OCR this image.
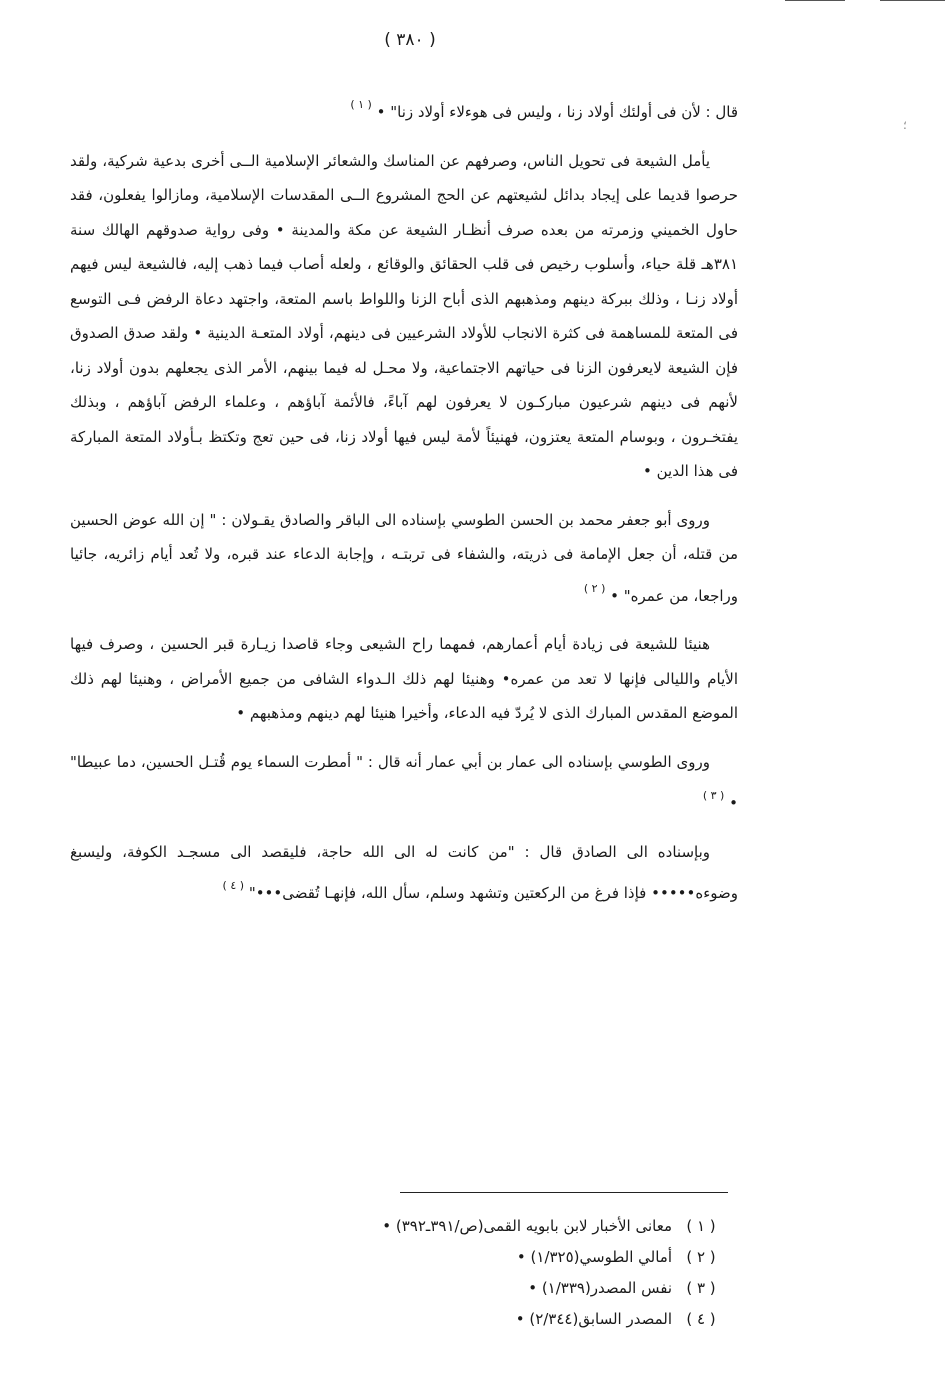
( ٣٨٠ )
؛

قال : لأن فى أولئك أولاد زنا ، وليس فى هوءلاء أولاد زنا" • $^{( ١ )}$

يأمل الشيعة فى تحويل الناس، وصرفهم عن المناسك والشعائر الإسلامية الــى أخرى بدعية شركية، ولقد حرصوا قديما على إيجاد بدائل لشيعتهم عن الحج المشروع الــى المقدسات الإسلامية، ومازالوا يفعلون، فقد حاول الخميني وزمرته من بعده صرف أنظـار الشيعة عن مكة والمدينة • وفى رواية صدوقهم الهالك سنة ٣٨١هـ قلة حياء، وأسلوب رخيص فى قلب الحقائق والوقائع ، ولعله أصاب فيما ذهب إليه، فالشيعة ليس فيهم أولاد زنـا ، وذلك ببركة دينهم ومذهبهم الذى أباح الزنا واللواط باسم المتعة، واجتهد دعاة الرفض فـى التوسع فى المتعة للمساهمة فى كثرة الانجاب للأولاد الشرعيين فى دينهم، أولاد المتعـة الدينية • ولقد صدق الصدوق فإن الشيعة لايعرفون الزنا فى حياتهم الاجتماعية، ولا محـل له فيما بينهم، الأمر الذى يجعلهم بدون أولاد زنا، لأنهم فى دينهم شرعيون مباركـون لا يعرفون لهم آباءً، فالأئمة آباؤهم ، وعلماء الرفض آباؤهم ، وبذلك يفتخـرون ، وبوسام المتعة يعتزون، فهنيئاً لأمة ليس فيها أولاد زنا، فى حين تعج وتكتظ بـأولاد المتعة المباركة فى هذا الدين •

وروى أبو جعفر محمد بن الحسن الطوسي بإسناده الى الباقر والصادق يقـولان : " إن الله عوض الحسين من قتله، أن جعل الإمامة فى ذريته، والشفاء فى تربتـه ، وإجابة الدعاء عند قبره، ولا تُعد أيام زائريه، جائيا وراجعا، من عمره" • $^{( ٢ )}$

هنيئا للشيعة فى زيادة أيام أعمارهم، فمهما راح الشيعى وجاء قاصدا زيـارة قبر الحسين ، وصرف فيها الأيام والليالى فإنها لا تعد من عمره• وهنيئا لهم ذلك الـدواء الشافى من جميع الأمراض ، وهنيئا لهم ذلك الموضع المقدس المبارك الذى لا يُردّ فيه الدعاء، وأخيرا هنيئا لهم دينهم ومذهبهم •

وروى الطوسي بإسناده الى عمار بن أبي عمار أنه قال : " أمطرت السماء يوم قُتـل الحسين، دما عبيطا" • $^{( ٣ )}$

وبإسناده الى الصادق قال : "من كانت له الى الله حاجة، فليقصد الى مسجـد الكوفة، وليسبغ وضوءه••••• فإذا فرغ من الركعتين وتشهد وسلم، سأل الله، فإنهـا تُقضى•••" $^{( ٤ )}$

( ١ )
معانى الأخبار لابن بابويه القمى(ص/٣٩١ـ٣٩٢) •
( ٢ )
أمالي الطوسي(١/٣٢٥) •
( ٣ )
نفس المصدر(١/٣٣٩) •
( ٤ )
المصدر السابق(٢/٣٤٤) •
